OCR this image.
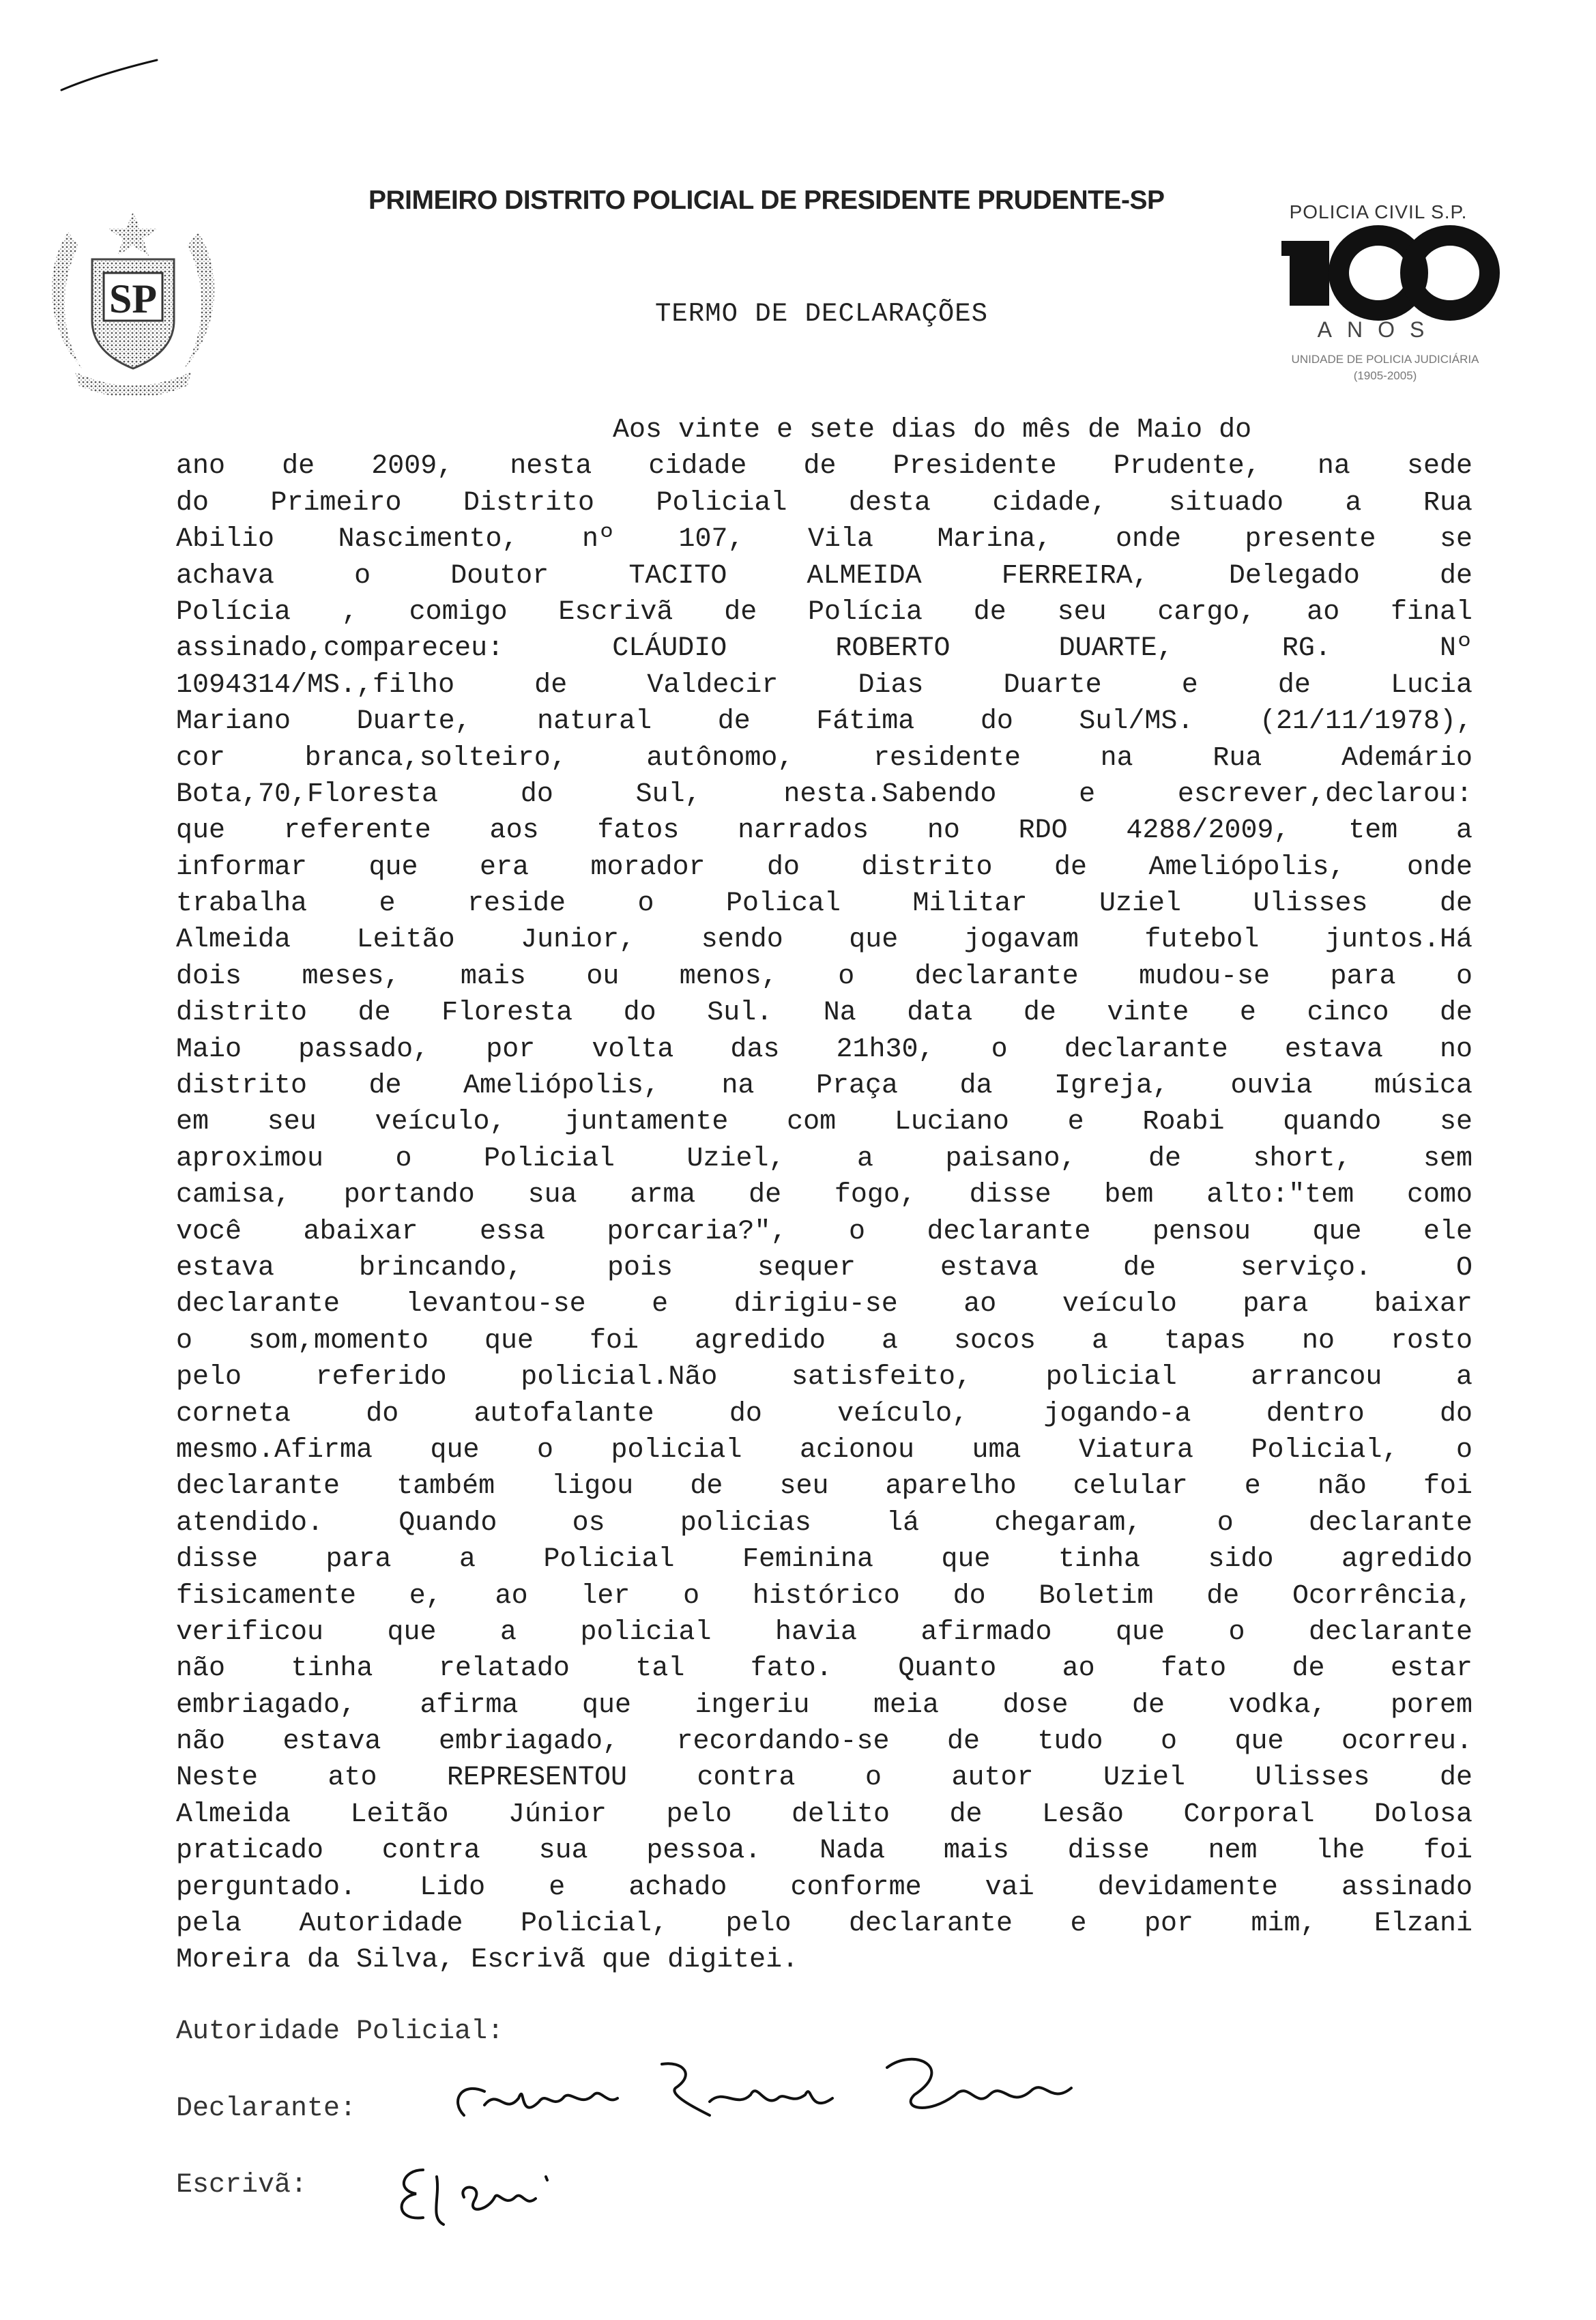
SP
PRIMEIRO DISTRITO POLICIAL DE PRESIDENTE PRUDENTE-SP	POLICIA CIVIL S.P.
ANOS
UNIDADE DE POLICIA JUDICIÁRIA
(1905-2005)
TERMO DE DECLARAÇÕES
Aos vinte e sete dias do mês de Maio do
ano de 2009, nesta cidade de Presidente Prudente, na sede
do Primeiro Distrito Policial desta cidade, situado a Rua
Abilio Nascimento, nº 107, Vila Marina, onde presente se
achava o Doutor TACITO ALMEIDA FERREIRA, Delegado de
Polícia , comigo Escrivã de Polícia de seu cargo, ao final
assinado,compareceu: CLÁUDIO ROBERTO DUARTE, RG. Nº
1094314/MS.,filho de Valdecir Dias Duarte e de Lucia
Mariano Duarte, natural de Fátima do Sul/MS. (21/11/1978),
cor branca,solteiro, autônomo, residente na Rua Ademário
Bota,70,Floresta do Sul, nesta.Sabendo e escrever,declarou:
que referente aos fatos narrados no RDO 4288/2009, tem a
informar que era morador do distrito de Ameliópolis, onde
trabalha e reside o Polical Militar Uziel Ulisses de
Almeida Leitão Junior, sendo que jogavam futebol juntos.Há
dois meses, mais ou menos, o declarante mudou-se para o
distrito de Floresta do Sul. Na data de vinte e cinco de
Maio passado, por volta das 21h30, o declarante estava no
distrito de Ameliópolis, na Praça da Igreja, ouvia música
em seu veículo, juntamente com Luciano e Roabi quando se
aproximou o Policial Uziel, a paisano, de short, sem
camisa, portando sua arma de fogo, disse bem alto:"tem como
você abaixar essa porcaria?", o declarante pensou que ele
estava brincando, pois sequer estava de serviço. O
declarante levantou-se e dirigiu-se ao veículo para baixar
o som,momento que foi agredido a socos a tapas no rosto
pelo referido policial.Não satisfeito, policial arrancou a
corneta do autofalante do veículo, jogando-a dentro do
mesmo.Afirma que o policial acionou uma Viatura Policial, o
declarante também ligou de seu aparelho celular e não foi
atendido. Quando os policias lá chegaram, o declarante
disse para a Policial Feminina que tinha sido agredido
fisicamente e, ao ler o histórico do Boletim de Ocorrência,
verificou que a policial havia afirmado que o declarante
não tinha relatado tal fato. Quanto ao fato de estar
embriagado, afirma que ingeriu meia dose de vodka, porem
não estava embriagado, recordando-se de tudo o que ocorreu.
Neste ato REPRESENTOU contra o autor Uziel Ulisses de
Almeida Leitão Júnior pelo delito de Lesão Corporal Dolosa
praticado contra sua pessoa. Nada mais disse nem lhe foi
perguntado. Lido e achado conforme vai devidamente assinado
pela Autoridade Policial, pelo declarante e por mim, Elzani
Moreira da Silva, Escrivã que digitei.
Autoridade Policial:
Declarante:
Escrivã:
